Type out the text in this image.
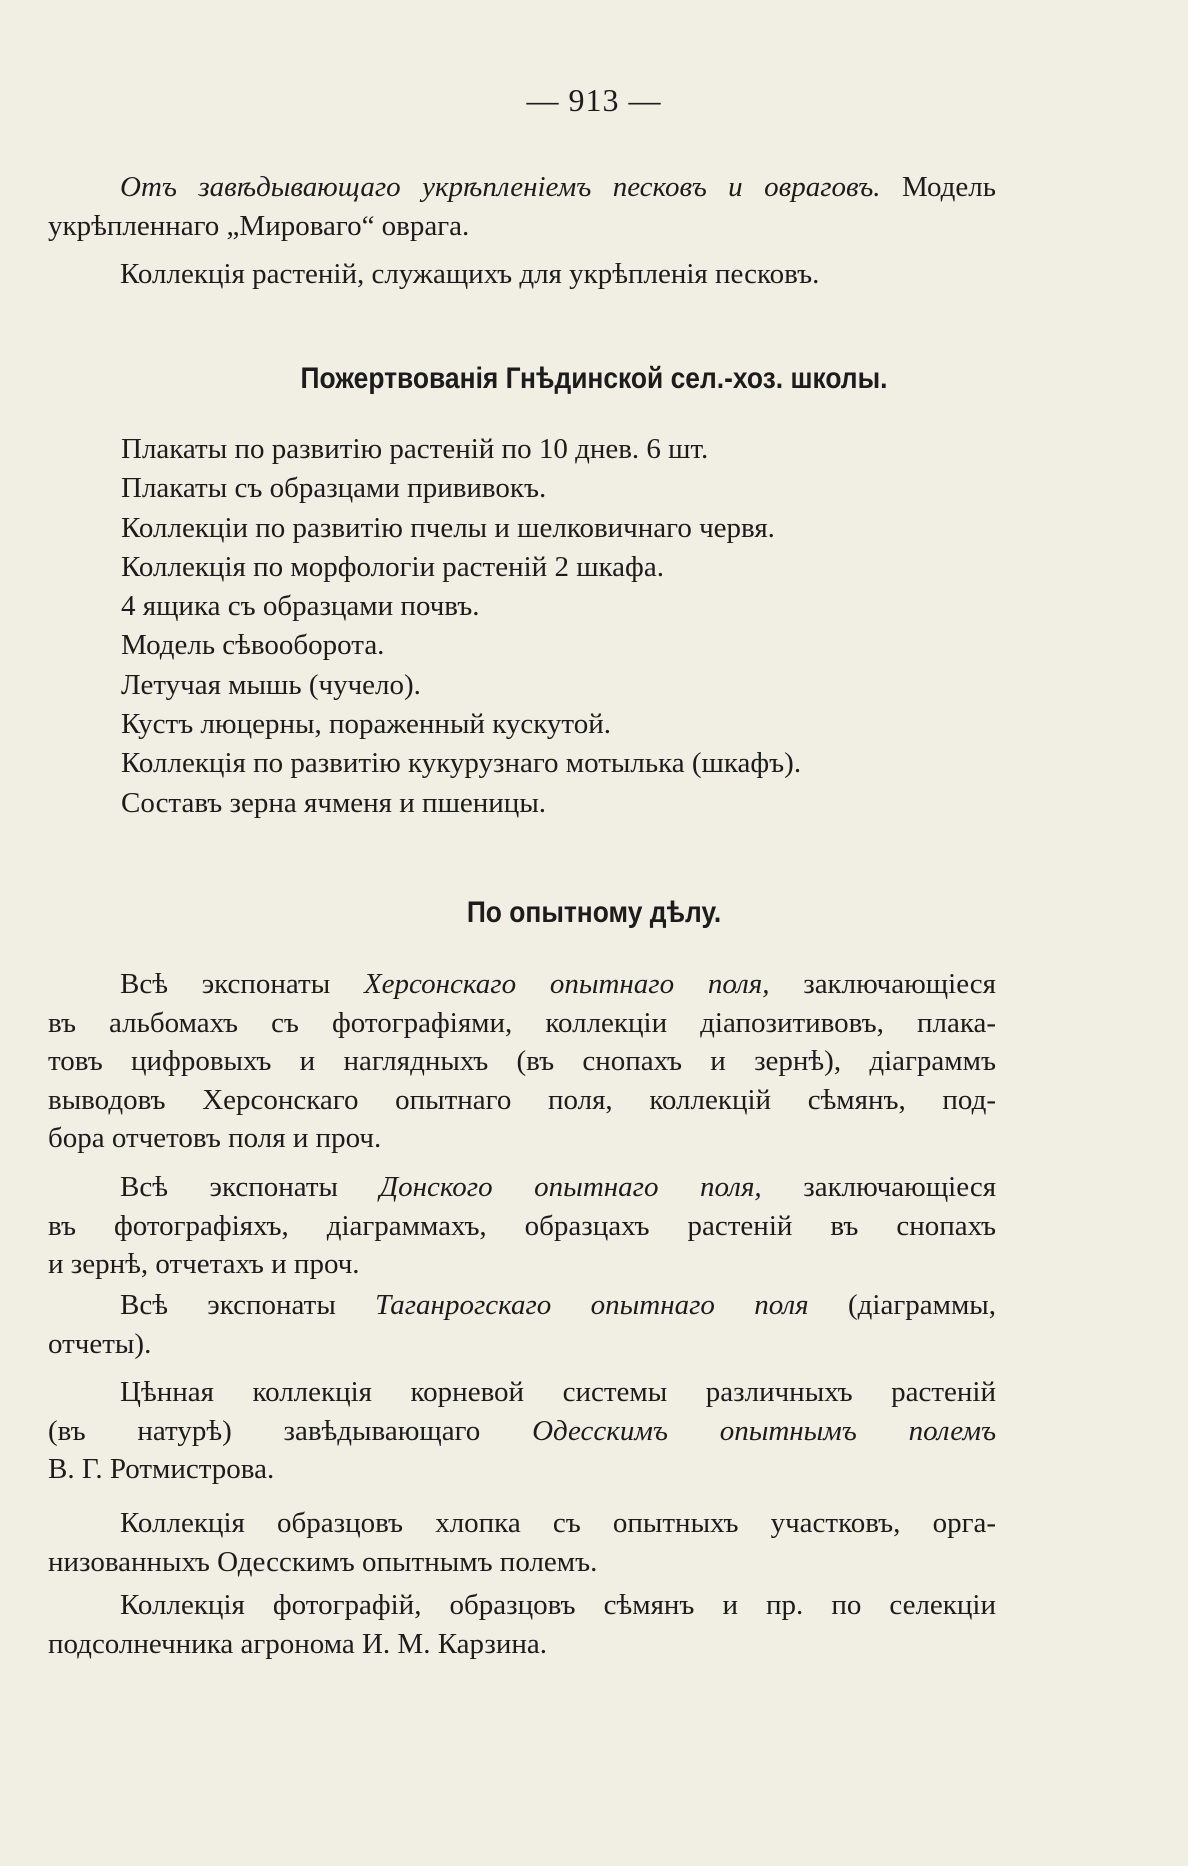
— 913 —
Отъ завѣдывающаго укрѣпленіемъ песковъ и овраговъ. Модель
укрѣпленнаго „Мироваго“ оврага.
Коллекція растеній, служащихъ для укрѣпленія песковъ.
Пожертвованія Гнѣдинской сел.-хоз. школы.
Плакаты по развитію растеній по 10 днев. 6 шт.
Плакаты съ образцами прививокъ.
Коллекціи по развитію пчелы и шелковичнаго червя.
Коллекція по морфологіи растеній 2 шкафа.
4 ящика съ образцами почвъ.
Модель сѣвооборота.
Летучая мышь (чучело).
Кустъ люцерны, пораженный кускутой.
Коллекція по развитію кукурузнаго мотылька (шкафъ).
Составъ зерна ячменя и пшеницы.
По опытному дѣлу.
Всѣ экспонаты Херсонскаго опытнаго поля, заключающіеся
въ альбомахъ съ фотографіями, коллекціи діапозитивовъ, плака-
товъ цифровыхъ и наглядныхъ (въ снопахъ и зернѣ), діаграммъ
выводовъ Херсонскаго опытнаго поля, коллекцій сѣмянъ, под-
бора отчетовъ поля и проч.
Всѣ экспонаты Донского опытнаго поля, заключающіеся
въ фотографіяхъ, діаграммахъ, образцахъ растеній въ снопахъ
и зернѣ, отчетахъ и проч.
Всѣ экспонаты Таганрогскаго опытнаго поля (діаграммы,
отчеты).
Цѣнная коллекція корневой системы различныхъ растеній
(въ натурѣ) завѣдывающаго Одесскимъ опытнымъ полемъ
В. Г. Ротмистрова.
Коллекція образцовъ хлопка съ опытныхъ участковъ, орга-
низованныхъ Одесскимъ опытнымъ полемъ.
Коллекція фотографій, образцовъ сѣмянъ и пр. по селекціи
подсолнечника агронома И. М. Карзина.
